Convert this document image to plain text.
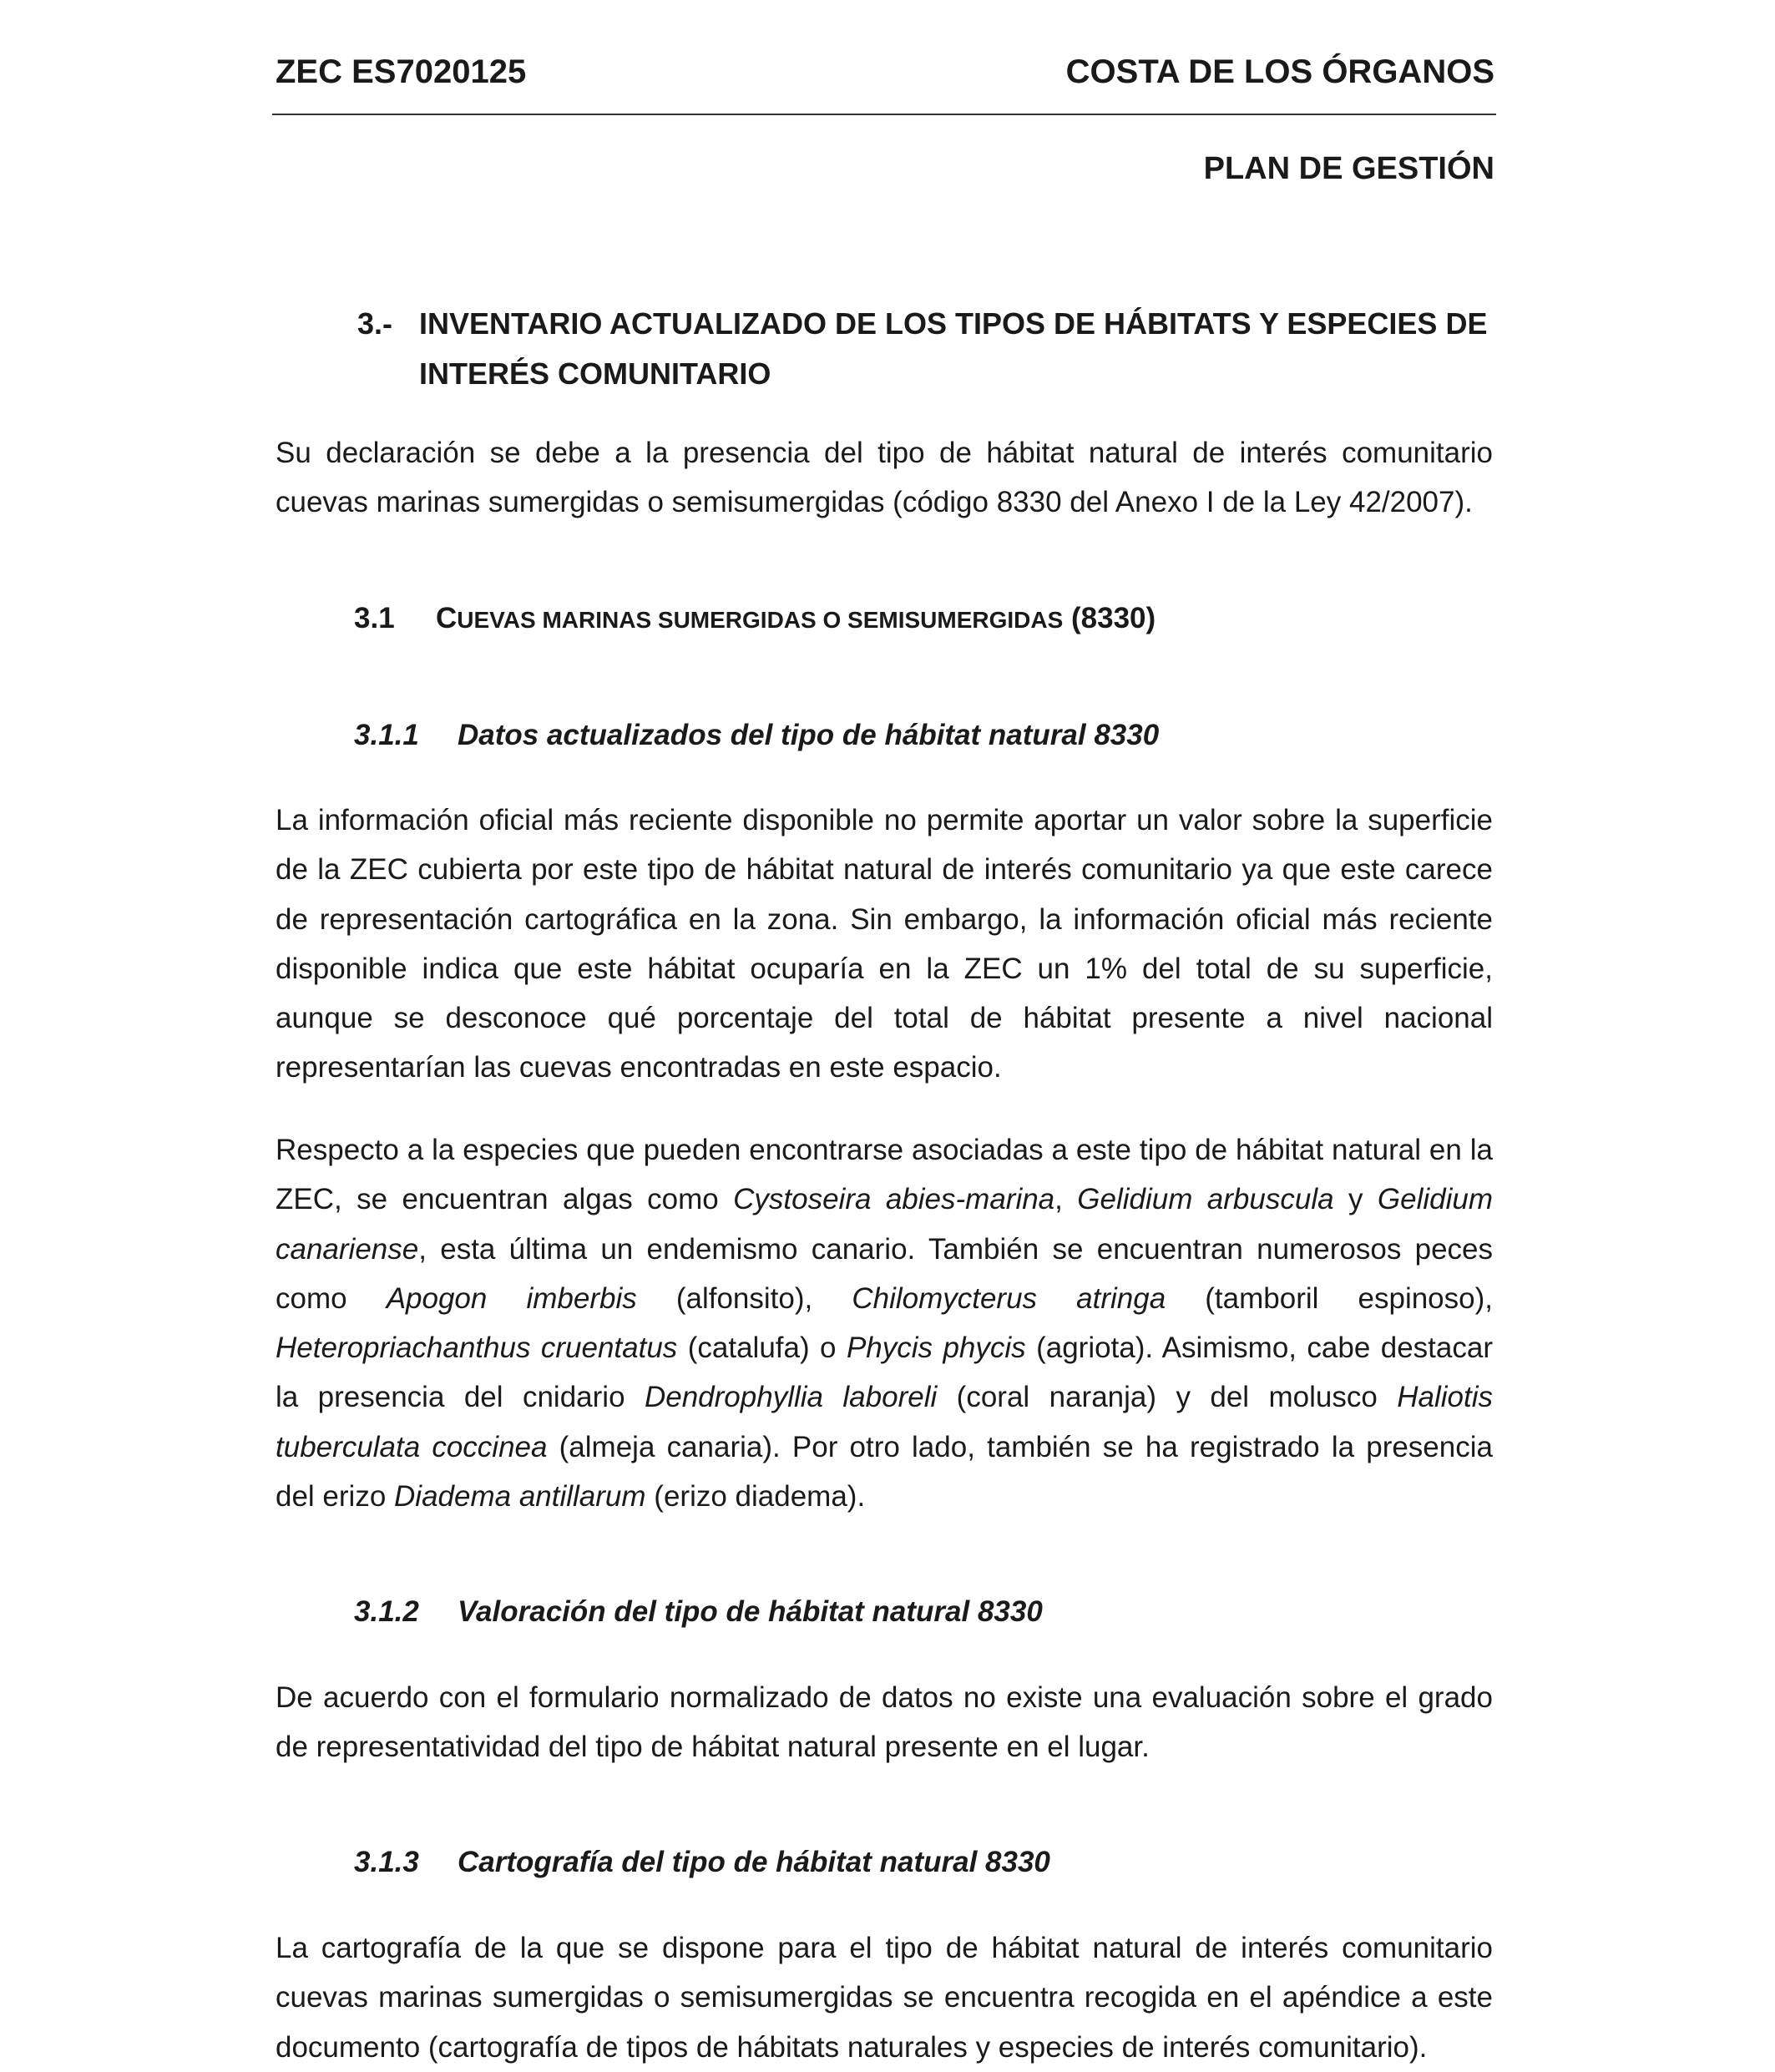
ZEC ES7020125	COSTA DE LOS ÓRGANOS
PLAN DE GESTIÓN
3.- INVENTARIO ACTUALIZADO DE LOS TIPOS DE HÁBITATS Y ESPECIES DE INTERÉS COMUNITARIO
Su declaración se debe a la presencia del tipo de hábitat natural de interés comunitario cuevas marinas sumergidas o semisumergidas (código 8330 del Anexo I de la Ley 42/2007).
3.1 CUEVAS MARINAS SUMERGIDAS O SEMISUMERGIDAS (8330)
3.1.1 Datos actualizados del tipo de hábitat natural 8330
La información oficial más reciente disponible no permite aportar un valor sobre la superficie de la ZEC cubierta por este tipo de hábitat natural de interés comunitario ya que este carece de representación cartográfica en la zona. Sin embargo, la información oficial más reciente disponible indica que este hábitat ocuparía en la ZEC un 1% del total de su superficie, aunque se desconoce qué porcentaje del total de hábitat presente a nivel nacional representarían las cuevas encontradas en este espacio.
Respecto a la especies que pueden encontrarse asociadas a este tipo de hábitat natural en la ZEC, se encuentran algas como Cystoseira abies-marina, Gelidium arbuscula y Gelidium canariense, esta última un endemismo canario. También se encuentran numerosos peces como Apogon imberbis (alfonsito), Chilomycterus atringa (tamboril espinoso), Heteropriachanthus cruentatus (catalufa) o Phycis phycis (agriota). Asimismo, cabe destacar la presencia del cnidario Dendrophyllia laboreli (coral naranja) y del molusco Haliotis tuberculata coccinea (almeja canaria). Por otro lado, también se ha registrado la presencia del erizo Diadema antillarum (erizo diadema).
3.1.2 Valoración del tipo de hábitat natural 8330
De acuerdo con el formulario normalizado de datos no existe una evaluación sobre el grado de representatividad del tipo de hábitat natural presente en el lugar.
3.1.3 Cartografía del tipo de hábitat natural 8330
La cartografía de la que se dispone para el tipo de hábitat natural de interés comunitario cuevas marinas sumergidas o semisumergidas se encuentra recogida en el apéndice a este documento (cartografía de tipos de hábitats naturales y especies de interés comunitario).
